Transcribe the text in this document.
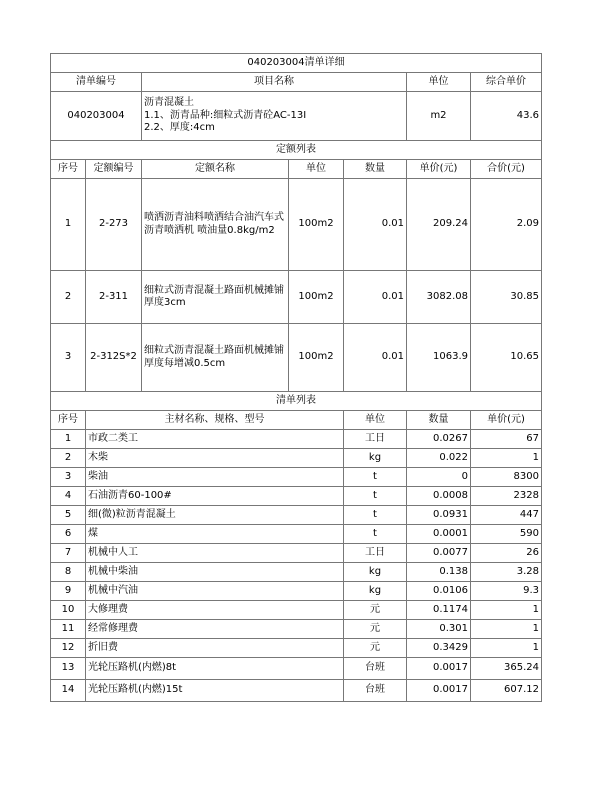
040203004清单详细							
清单编号		项目名称			单位	综合单价	
040203004		沥青混凝土
1.1、沥青品种:细粒式沥青砼AC-13I
2.2、厚度:4cm			m2	43.6	
定额列表							
序号	定额编号	定额名称	单位	数量	单价(元)	合价(元)	
1	2-273	喷洒沥青油料喷洒结合油汽车式沥青喷洒机 喷油量0.8kg/m2	100m2	0.01	209.24	2.09	
2	2-311	细粒式沥青混凝土路面机械摊铺厚度3cm	100m2	0.01	3082.08	30.85	
3	2-312S*2	细粒式沥青混凝土路面机械摊铺厚度每增减0.5cm	100m2	0.01	1063.9	10.65	
清单列表							
序号	主材名称、规格、型号			单位	数量	单价(元)	
1	市政二类工			工日	0.0267	67	
2	木柴			kg	0.022	1	
3	柴油			t	0	8300	
4	石油沥青60-100#			t	0.0008	2328	
5	细(微)粒沥青混凝土			t	0.0931	447	
6	煤			t	0.0001	590	
7	机械中人工			工日	0.0077	26	
8	机械中柴油			kg	0.138	3.28	
9	机械中汽油			kg	0.0106	9.3	
10	大修理费			元	0.1174	1	
11	经常修理费			元	0.301	1	
12	折旧费			元	0.3429	1	
13	光轮压路机(内燃)8t			台班	0.0017	365.24	
14	光轮压路机(内燃)15t			台班	0.0017	607.12	
